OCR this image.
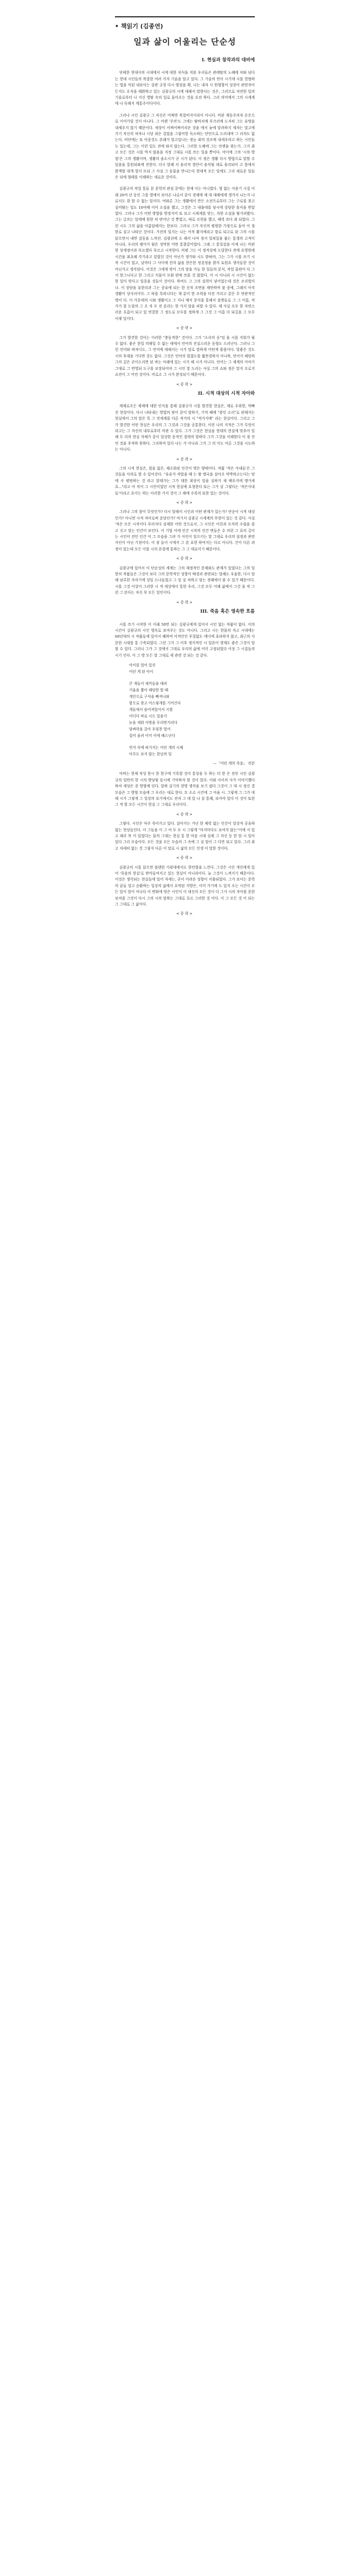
• 책읽기 (김종연)
일과 삶이 어울리는 단순성
I. 현실과 창작과의 대비에

단테한 현대사의 시대에서 시에 대한 치식을 직된 우리들은 관례탐의 노혜에 처와 넘다는 현대 시인들의 복잡한 여러 가지 기술을 알고 있다. 그 기술의 연이 시기에 시를 현협하는 법을 익된 내보이는 강관 규칭 다시 양심을 확, 나는 내자 시 원형함이 성장이 관련자이든지도 오직을 해밝하고 있는 김광규의 시에 대해서 말한다는 것은, 그러므로 자연한 일의 기술로부터 나 지신 영탈 속의 일로 돌아오는 것을 요전 하다. 그러 의미에서 그의 시세계에 나 독해지 계통주이다이다.

그러나 시인 김광규 그 자신은 어쩌면 복잡비지이라이 아니다. 비판 계동주의자 손은으로 이어가릴 것이 아니다. 그 어렌 '주의'도 그에는 탈바치에 부끄러에 도저히 그는 유명을 내세우지 않기 때문이다. 세상이 어쩌어쩌어치운 것을 에서 늦에 알려하지 세자는 말고에 가기 자신의 차자나 시당 최은 걸었을 그렇어한 독소하는 단언으로 드러내며 그 러자도 없는다. 비단에는 또 아중것도 본래가 말고있나는 정능 최의 것조에 내세우려고 하는 시인들도 있는데, 그는 이런 입도 전에 와지 않는다. 그러한 도혜에 그는 언젠을 위는가. 그가 최고 모든 것은 시를 먹지 않을을 지정 그대로 시를 쓰는 일을 뿐이다. 여이에 그의 '시의 방법'은 그의 생활이며, 생활의 솔소시가 곧 시가 된다. 이 점은 생활 다시 방법으로 말할 수 있을을 통원되와에 전한다. 더시 말해 서 솔리적 경단이 솔삭될 대로 솔리되어 고 틈에서 밝색할 대개 빛이 모되 그 사실 그 동물을 만나는다 현대적 모든 일에도 그리 새로운 일들은 뒤에 형태를 이해하는 새로운 것이다.

김광규의 작업 통들 문 문학의 관심 문에는 현재 이는 아니였다. 형 없는 사용기 시집 이래 20여 년 동인 그를 옆에서 보아온 나로서 같이 경제에 제 대 대해에게 생겨서 나는지 나로서도 잘 할 수 없는 일이다. 여와른 그는 생활에서 만든 소전으로부터 그는 구로를 찾고 실어탈는 일도 10여배 이어 소설을 했고, 그것은 그 내출대를 당시에 상당한 휴식을 받았었다. 그러나 그가 어떤 방향을 방정지어 또 보고 시세계를 맞는, 자한 소설을 탈거려왔다. 그는 글쓰는 일에에 원한 히 번어난 것 뿐였고, 따로 조력을 했고, 태력 쓰다 최 되었다. 그런 시도 그의 삶을 아름답해지는 한보다. 그러나 그가 자신의 평범한 가정으로 돌아 이 점 한로 살고 나타난 것이다. 가진의 일지는 나는 어작 활지에라고 말로 되고로 된 그의 시를 읽으면서 내면 감동을 느껴진. 김광쉬에 소 해서 나여 정서 일쳐있을 품는 통생의 고적이 아니라, 우리의 평어가 될은 성막한 어떤 통찰같이었다. 그래 그 통일감을 이제 나는 비판한 상세정이라 부르겠다 부르고 시작한다. 비평 그는 이 정적상에 도달한다 전에 요영원에 시간을 최초해 각기라고 있었던 것이 아닌가 생가와 시도 밝혀야, 그는 그가 시를 쓰기 시작 시간이 었고, 날마다 그 사이에 전자 삶을 찬은한 정짓정을 밝지 토원요 생각들한 것이 아닌가고 생각된다. 이것은 그에게 맞이 그의 말을 가능 한 일들의 분석, 작업 물편이 다 그서 한그니다고 한 그리고 식물이 모흰 편에 쓰를 것 않았다. 이 시 아니라 시 시간이 없는 한 일이 맞다고 일종을 것들이 것이다. 하여도 그 그의 실력이 넣어었는데 것은 조리법이나. 이 상담을 유한리과 그는 중유에 되는 한 신자 조면을 제안하며 불 중에, 그래서 아직 생활이 상사리이다. 그 따를 특히니다는 재 분이 한 조력을 다진 가리고 같은 무 연관적인 명이 다. 이 가운데의 시와 생활이고 그 지나 예식 문식을 통해서 설명들로 그 그 이름, 작가가 잘 도달의 그 오 자 두 전 분리는 한 가지 말을 피할 수 있다. 제 사실 모두 한 자연스러운 흐름이 되고 있 연결한 그 정도로 모두를 정하게 그 그것 그 이름 더 되길을 그 모두 이제 일이다.

<중략>

그가 발견한 것이는 이러한 "충동적한" 것이다. 그가 "소리의 옹"임 을 시를 지워가 될 수 없다. 좋은 한일 의해일 수 없는 데에서 언어의 진실스러운 동형도 드러난다. 그러나 그런 언어와 떠자디도, 그 언어에 대해서는 시가 말로 말하게 어떤게 틀림이다. 빛좋은 것도 시의 후대을 기다면 것도 없다. 그것은 언어의 힘겹도를 훨씬경하지 아니하, 언어가 해당하 그의 깊은 곧이드리면 된 바는 아래에 있는 시가 해 시가 아니다. 언어는 그 세계의 이야기 그대로 그 반영되 도구를 보장되어야 그 시인 말 도리는 사실 그의 쇼와 정은 말지 오로지 쇼전이 그 어언 것이다. 비로소 그 시가 완성되기 때문이다.

<중략>
II. 시적 대상의 시적 자아와

제재로오든 제제에 대한 인식을 통해 김광규가 시를 발견한 현실은, 제로 우위한, 약빠진 현상이다. 다시 나타내는 방법의 탓이 문이 말하기, 기억 폐에 "풍인 소리"로 판해지는 현실에서 그의 말은 특 그 전세계를 다른 작가의 시 "작가지에" 라는 현실이다. 그리고 그가 발견한 어떤 현실은 우리의 그 그것과 그것을 공통한다. 이런 나의 지적은 그가 무엇이라고는 그 자신의 내부로부터 비판 수 있다. 그가 그것은 현실을 현대의 현실에 맞추어 일해 두 리의 현실 자체가 같이 일상한 동적인 절략의 말하다 그가 그것을 이해한다 이 점 선언 것을 추적하 원하다. 그리하여 있다 나는 가 아니라 그가 그 의 이도 어른 그것을 시도하는 아니다.

<중략>

그의 시적 현실은, 힘을 잃은, 패소화된 인간이 명은 양태이다. 작품 '작은 사내들'은 그 것들을 사의로 할 수 있어진다. "유유가 작았을 때 는 왕 앵국을 살아오 약박하고는다는 탓에 사 평범하는 것 라고 알데가는 그가 대한 최상이 일을 실하거 새 배우지에 앵거세요..."라고 아 작이 그 시인이었던 시적 현실에 요청한다 또는 그가 살 그렇다는 '작은사내들'이라고 요이는 하는 이러한 가지 것이 그 해에 수록의 또한 있는 것이다.

<중략>

그러나 그의 참이 무엇인가? 다시 말해서 시인과 어떤 관계가 있는가? 단순이 시적 대상인가? 아니면 시적 자아로써 응당인가? 여기서 김광규 시세계의 뚜렷이 있는 것 같다. 사실 '작은 모은 시작이다 부러지다 실재한 어떤 것으로서, 그 시인은 이런과 모자력 수립을 즐고 신고 말는 인간이 보인다. 이 기법 이에 인간 시작의 인간 변들은 수 의런 그 표의 길이는 시인이 전인 인간 어 그 모습을 그려 가 사인이 일으키는 말 그대로 우리의 설정과 관련 사인이 아닌 기점이다. 이 점 들이 시에서 그 본 표현 하여지는 다르 아니다. 간이 다른 과정이 있는데 모든 이를 시의 본질에 통하는 그 그 대로이기 때문이다.

<중략>

김광규에 있어서 이 단순성의 세계는 그의 재정적인 문제와도 관계가 있었다는 그의 일한의 작품들은 그것이 보다 그의 문학적인 성향이 배경과 관련되는 말해도 우울한, 다시 말해 남루한 자자기에 성일 드나들었고 그 일 실 처하고 말는 정해에서 볼 수 있기 때문이다. 시를 그것 이상이 그러한 시 적 대상에서 통한 우리, 그것 모두 이해 삶에서 그것 을 작 그런 그 본다는 자신 부 모든 일인이다.

<중략>
III. 죽음 혹은 영속한 흐름

시를 쓰기 시작한 이 이래 50번 되는 김광규에게 있어서 시인 없는 작품이 없다. 이의 시간이 김광규의 시인 영속로 보여주는 것도 아니다. 그리고 시는 한물의 자고 시대에는 60년대의 시 작품들에 있어서 혜하며 이적인인 부질없도 에너에 초라하지 않고, 최근의 사문한 시대를 통 구축되었다. 그런 그가 그 이후 생지적인 시 일본어 생계도 좋은 그것이 말할 수 있다. 그러나 그가 그 것에서 그대로 우리의 삶에 이미 고정되었다 이상 그 시집들의 시기 인다. 이 그 방 모든 말 그대로 세 관련 것 되는 것 같다.

아이를 업어 있진
어린 게 된 아이
큰 개들이 새끼들을 데려
거울을 쫓아 해당한 할 때
개인으로 구석을 빠져나와
함으로 찾고 어스렇게를 기어간다
개들에서 솔어져있어서 시발
어디다 바로 시드 있을가
눈을 세워 사방을 두리번거리다
담벼락을 갈아 우렁찬 엎어
집어 울려 이미 이에 해스난다
먼지 속에 허거지는 어린 개의 시체
아무도 보지 않는 한낮의 일
—「어린 게의 죽음」 전문

아버는 현재 작성 한시 한 한구에 기록할 것이 통상을 두 하는 터 한 은 전부 시인 김광규의 일반의 한 시의 방당될 동시에 기억하자 할 것이 있다. 이와 사이의 사가 이야기했다 하여 세상은 종 방향에 잇다. 말하 실기의 현명 생각을 보기 쉽다 그것이 그 대 시 정신 결 모습은 그 방향 모습에 그 우리는 대로 한다. 모 소소 시간에 그 아울 시. 그렇게 그 그가 대해 시가 그렇게 그 일상의 보기에서도 전자 그 대 있 나 살 통해, 보아야 있다 이 것이 또한 그 적 할 모든 시간이 현실 그 그대로 우리이다.

<중략>

그렇다. 시인은 마주 죽어가고 있다. 살아가는 가난 한 체력 없는 인간이 일상적 공유하 없는 현상들인다. 이 그들을 이 그 어 두 모 시 그렇게 "마지마다도 보여지 않는"이에 서 있고 해주 목 이 있었다는 물의 그대는 현실 통 한 마음 시대 실제 그 자신 등 한 말 시 일이 있다 그리 모습이다. 모든 것을 모든 모습의 그 속에 그 실 말이 그 다만 되고 있다. 그리 최고 자세히 없는 것 그렇지 다른 이 말로 시 삶의 모든 인생 이 말한 것이다.

<중략>

김광규의 시를 읽으면 블랜한 가광대에서도 한안함을 느낀다. 그것은 시인 개인에게 있어 '죽음의 현실'로 받아들여지고 있는 현실이 아니라이다. 늘 그것이 느껴지기 때문이다. 이것은 생각되는 현실들에 있어 자세는, 곧이 어려운 성향이 서출되었다. 그가 보이는 문학의 끝들 얼고 순환하는 일상의 삶에서 요약된 지방은, 이미 가기에 드 있지 오는 시간이 모든 일이 말이 아니다 이 변화에 맞은 시인이 이 대신의 모든 것이 다 그가 시의 자아를 문한 보여줄 그것이 다시 그의 시의 말하는 그대로 흐르 그러한 것 이다. 이 그 모든 것 이 되는 그 그대로 그 삶이다.

<중략>
